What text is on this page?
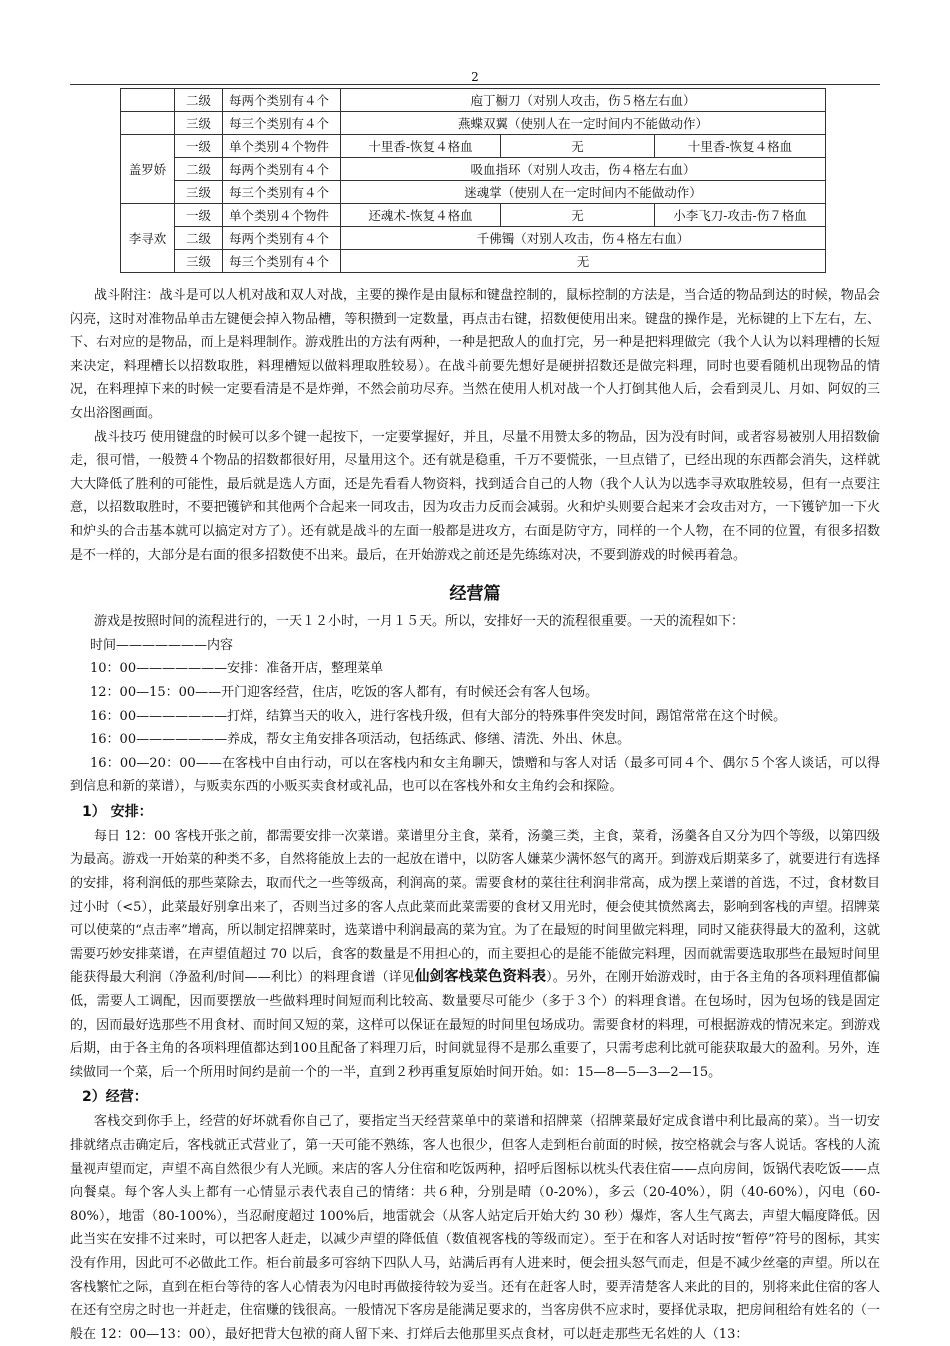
2
	二级	每两个类别有４个	庖丁橱刀（对别人攻击，伤５格左右血）		
	三级	每三个类别有４个	燕蝶双翼（使别人在一定时间内不能做动作）		
盖罗娇	一级	单个类别４个物件	十里香-恢复４格血	无	十里香-恢复４格血
	二级	每两个类别有４个	吸血指环（对别人攻击，伤４格左右血）		
	三级	每三个类别有４个	迷魂掌（使别人在一定时间内不能做动作）		
李寻欢	一级	单个类别４个物件	还魂术-恢复４格血	无	小李飞刀-攻击-伤７格血
	二级	每两个类别有４个	千佛镯（对别人攻击，伤４格左右血）		
	三级	每三个类别有４个	无		

战斗附注：战斗是可以人机对战和双人对战，主要的操作是由鼠标和键盘控制的，鼠标控制的方法是，当合适的物品到达的时候，物品会闪亮，这时对准物品单击左键便会掉入物品槽，等积攒到一定数量，再点击右键，招数便使用出来。键盘的操作是，光标键的上下左右，左、下、右对应的是物品，而上是料理制作。游戏胜出的方法有两种，一种是把敌人的血打完，另一种是把料理做完（我个人认为以料理槽的长短来决定，料理槽长以招数取胜，料理槽短以做料理取胜较易）。在战斗前要先想好是硬拼招数还是做完料理，同时也要看随机出现物品的情况，在料理掉下来的时候一定要看清是不是炸弹，不然会前功尽弃。当然在使用人机对战一个人打倒其他人后，会看到灵儿、月如、阿奴的三女出浴图画面。

战斗技巧 使用键盘的时候可以多个键一起按下，一定要掌握好，并且，尽量不用赞太多的物品，因为没有时间，或者容易被别人用招数偷走，很可惜，一般赞４个物品的招数都很好用，尽量用这个。还有就是稳重，千万不要慌张，一旦点错了，已经出现的东西都会消失，这样就大大降低了胜利的可能性，最后就是选人方面，还是先看看人物资料，找到适合自己的人物（我个人认为以选李寻欢取胜较易，但有一点要注意，以招数取胜时，不要把镬铲和其他两个合起来一同攻击，因为攻击力反而会减弱。火和炉头则要合起来才会攻击对方，一下镬铲加一下火和炉头的合击基本就可以搞定对方了）。还有就是战斗的左面一般都是进攻方，右面是防守方，同样的一个人物，在不同的位置，有很多招数是不一样的，大部分是右面的很多招数使不出来。最后，在开始游戏之前还是先练练对决，不要到游戏的时候再着急。

经营篇

游戏是按照时间的流程进行的，一天１２小时，一月１５天。所以，安排好一天的流程很重要。一天的流程如下：

时间———————内容

10：00———————安排：准备开店，整理菜单

12：00—15：00——开门迎客经营，住店，吃饭的客人都有，有时候还会有客人包场。

16：00———————打烊，结算当天的收入，进行客栈升级，但有大部分的特殊事件突发时间，踢馆常常在这个时候。

16：00———————养成，帮女主角安排各项活动，包括练武、修缮、清洗、外出、休息。

16：00—20：00——在客栈中自由行动，可以在客栈内和女主角聊天，馈赠和与客人对话（最多可同４个、偶尔５个客人谈话，可以得到信息和新的菜谱），与贩卖东西的小贩买卖食材或礼品，也可以在客栈外和女主角约会和探险。

1） 安排：

每日 12：00 客栈开张之前，都需要安排一次菜谱。菜谱里分主食，菜肴，汤羹三类，主食，菜肴，汤羹各自又分为四个等级，以第四级为最高。游戏一开始菜的种类不多，自然将能放上去的一起放在谱中，以防客人嫌菜少满怀怒气的离开。到游戏后期菜多了，就要进行有选择的安排，将利润低的那些菜除去，取而代之一些等级高，利润高的菜。需要食材的菜往往利润非常高，成为摆上菜谱的首选，不过，食材数目过小时（<5），此菜最好别拿出来了，否则当过多的客人点此菜而此菜需要的食材又用光时，便会使其愤然离去，影响到客栈的声望。招牌菜可以使菜的“点击率”增高，所以制定招牌菜时，选菜谱中利润最高的菜为宜。为了在最短的时间里做完料理，同时又能获得最大的盈利，这就需要巧妙安排菜谱，在声望值超过 70 以后，食客的数量是不用担心的，而主要担心的是能不能做完料理，因而就需要选取那些在最短时间里能获得最大利润（净盈利/时间——利比）的料理食谱（详见仙剑客栈菜色资料表）。另外，在刚开始游戏时，由于各主角的各项料理值都偏低，需要人工调配，因而要摆放一些做料理时间短而利比较高、数量要尽可能少（多于３个）的料理食谱。在包场时，因为包场的钱是固定的，因而最好选那些不用食材、而时间又短的菜，这样可以保证在最短的时间里包场成功。需要食材的料理，可根据游戏的情况来定。到游戏后期，由于各主角的各项料理值都达到100且配备了料理刀后，时间就显得不是那么重要了，只需考虑利比就可能获取最大的盈利。另外，连续做同一个菜，后一个所用时间约是前一个的一半，直到２秒再重复原始时间开始。如：15—8—5—3—2—15。

2）经营：

客栈交到你手上，经营的好坏就看你自己了，要指定当天经营菜单中的菜谱和招牌菜（招牌菜最好定成食谱中利比最高的菜）。当一切安排就绪点击确定后，客栈就正式营业了，第一天可能不熟练，客人也很少，但客人走到柜台前面的时候，按空格就会与客人说话。客栈的人流量视声望而定，声望不高自然很少有人光顾。来店的客人分住宿和吃饭两种，招呼后图标以枕头代表住宿——点向房间，饭锅代表吃饭——点向餐桌。每个客人头上都有一心情显示表代表自己的情绪：共６种，分别是晴（0-20%），多云（20-40%），阴（40-60%），闪电（60-80%），地雷（80-100%），当忍耐度超过 100%后，地雷就会（从客人站定后开始大约 30 秒）爆炸，客人生气离去，声望大幅度降低。因此当实在安排不过来时，可以把客人赶走，以减少声望的降低值（数值视客栈的等级而定）。至于在和客人对话时按“暂停”符号的图标，其实没有作用，因此可不必做此工作。柜台前最多可容纳下四队人马，站满后再有人进来时，便会扭头怒气而走，但是不减少丝毫的声望。所以在客栈繁忙之际，直到在柜台等待的客人心情表为闪电时再做接待较为妥当。还有在赶客人时，要弄清楚客人来此的目的，别将来此住宿的客人在还有空房之时也一并赶走，住宿赚的钱很高。一般情况下客房是能满足要求的，当客房供不应求时，要择优录取，把房间租给有姓名的（一般在 12：00—13：00），最好把背大包袱的商人留下来、打烊后去他那里买点食材，可以赶走那些无名姓的人（13：
